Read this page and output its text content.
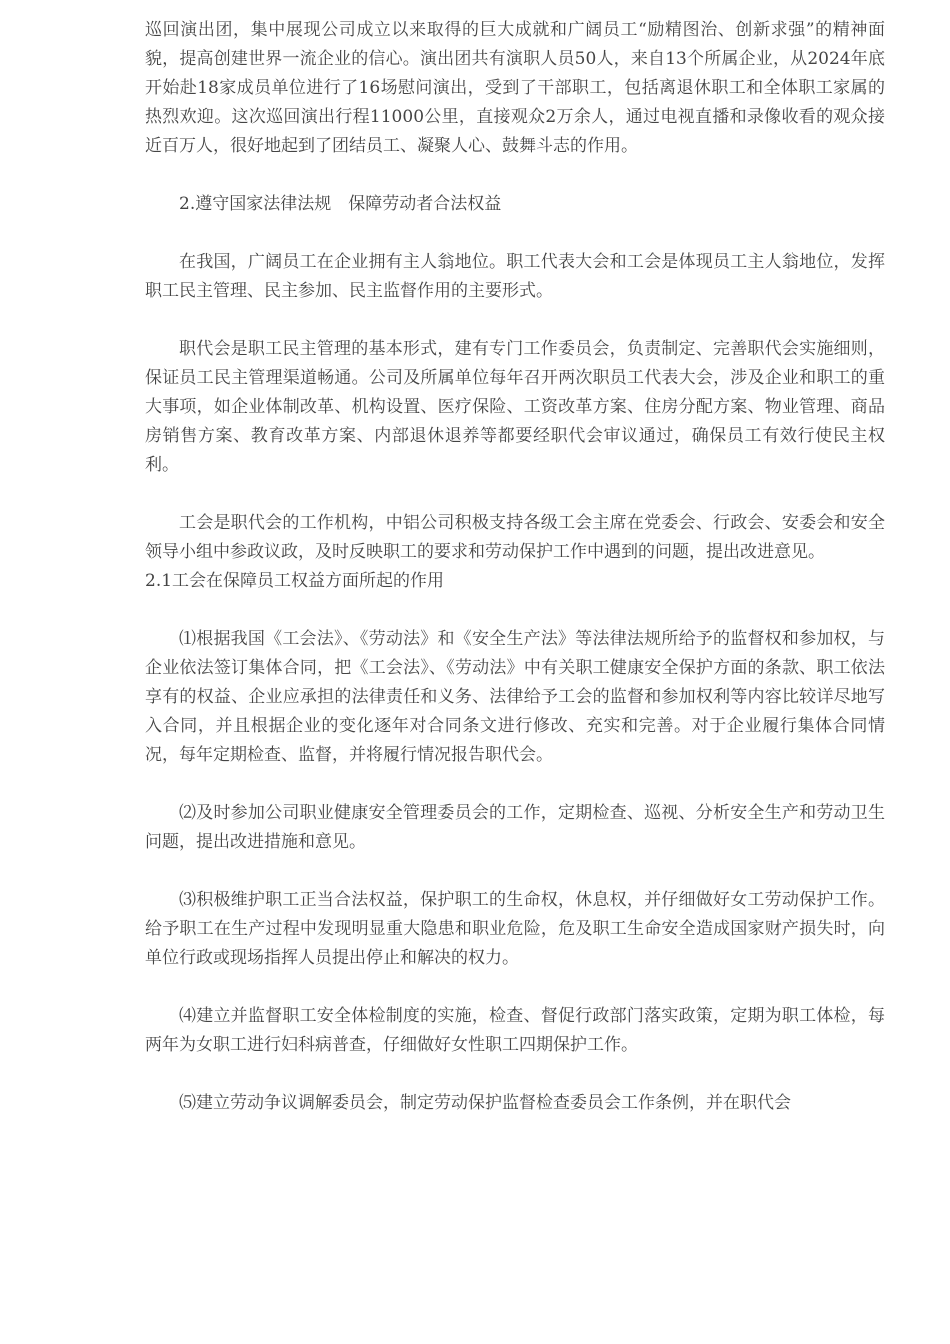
巡回演出团，集中展现公司成立以来取得的巨大成就和广阔员工“励精图治、创新求强”的精神面貌，提高创建世界一流企业的信心。演出团共有演职人员50人，来自13个所属企业，从2024年底开始赴18家成员单位进行了16场慰问演出，受到了干部职工，包括离退休职工和全体职工家属的热烈欢迎。这次巡回演出行程11000公里，直接观众2万余人，通过电视直播和录像收看的观众接近百万人，很好地起到了团结员工、凝聚人心、鼓舞斗志的作用。

2.遵守国家法律法规　保障劳动者合法权益

在我国，广阔员工在企业拥有主人翁地位。职工代表大会和工会是体现员工主人翁地位，发挥职工民主管理、民主参加、民主监督作用的主要形式。

职代会是职工民主管理的基本形式，建有专门工作委员会，负责制定、完善职代会实施细则，保证员工民主管理渠道畅通。公司及所属单位每年召开两次职员工代表大会，涉及企业和职工的重大事项，如企业体制改革、机构设置、医疗保险、工资改革方案、住房分配方案、物业管理、商品房销售方案、教育改革方案、内部退休退养等都要经职代会审议通过，确保员工有效行使民主权利。

工会是职代会的工作机构，中铝公司积极支持各级工会主席在党委会、行政会、安委会和安全领导小组中参政议政，及时反映职工的要求和劳动保护工作中遇到的问题，提出改进意见。

2.1工会在保障员工权益方面所起的作用

⑴根据我国《工会法》、《劳动法》和《安全生产法》等法律法规所给予的监督权和参加权，与企业依法签订集体合同，把《工会法》、《劳动法》中有关职工健康安全保护方面的条款、职工依法享有的权益、企业应承担的法律责任和义务、法律给予工会的监督和参加权利等内容比较详尽地写入合同，并且根据企业的变化逐年对合同条文进行修改、充实和完善。对于企业履行集体合同情况，每年定期检查、监督，并将履行情况报告职代会。

⑵及时参加公司职业健康安全管理委员会的工作，定期检查、巡视、分析安全生产和劳动卫生问题，提出改进措施和意见。

⑶积极维护职工正当合法权益，保护职工的生命权，休息权，并仔细做好女工劳动保护工作。给予职工在生产过程中发现明显重大隐患和职业危险，危及职工生命安全造成国家财产损失时，向单位行政或现场指挥人员提出停止和解决的权力。

⑷建立并监督职工安全体检制度的实施，检查、督促行政部门落实政策，定期为职工体检，每两年为女职工进行妇科病普查，仔细做好女性职工四期保护工作。

⑸建立劳动争议调解委员会，制定劳动保护监督检查委员会工作条例，并在职代会
